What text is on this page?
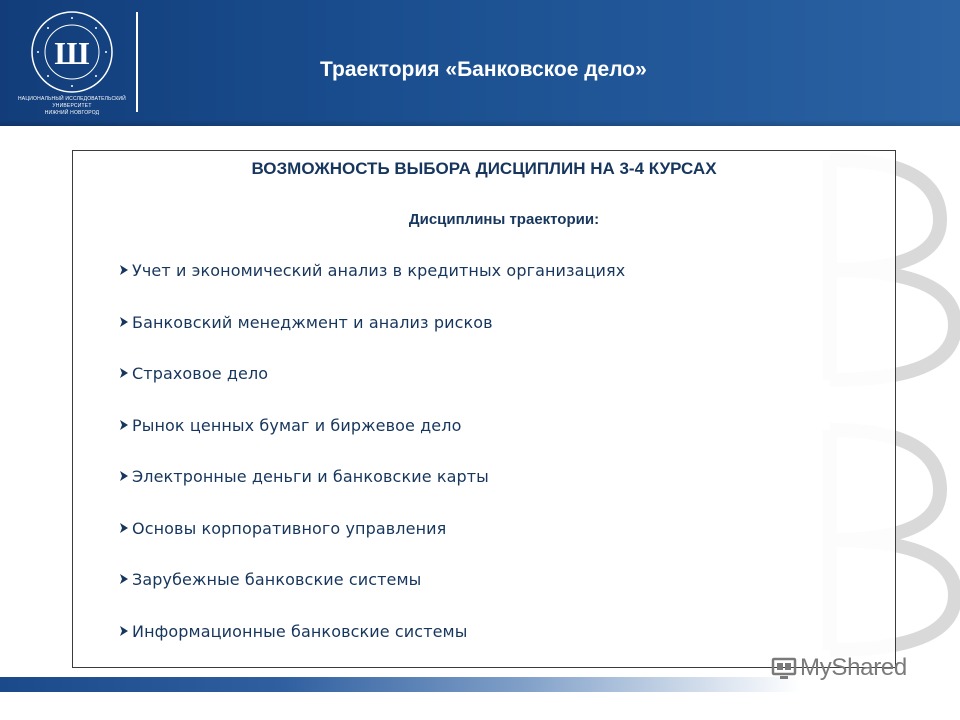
Ш
НАЦИОНАЛЬНЫЙ ИССЛЕДОВАТЕЛЬСКИЙ
УНИВЕРСИТЕТ
НИЖНИЙ НОВГОРОД
Траектория «Банковское дело»
ВОЗМОЖНОСТЬ ВЫБОРА ДИСЦИПЛИН НА 3-4 КУРСАХ
Дисциплины траектории:
Учет и экономический анализ в кредитных организациях
Банковский менеджмент и анализ рисков
Страховое дело
Рынок ценных бумаг и биржевое дело
Электронные деньги и банковские карты
Основы корпоративного управления
Зарубежные банковские системы
Информационные банковские системы
MyShared
